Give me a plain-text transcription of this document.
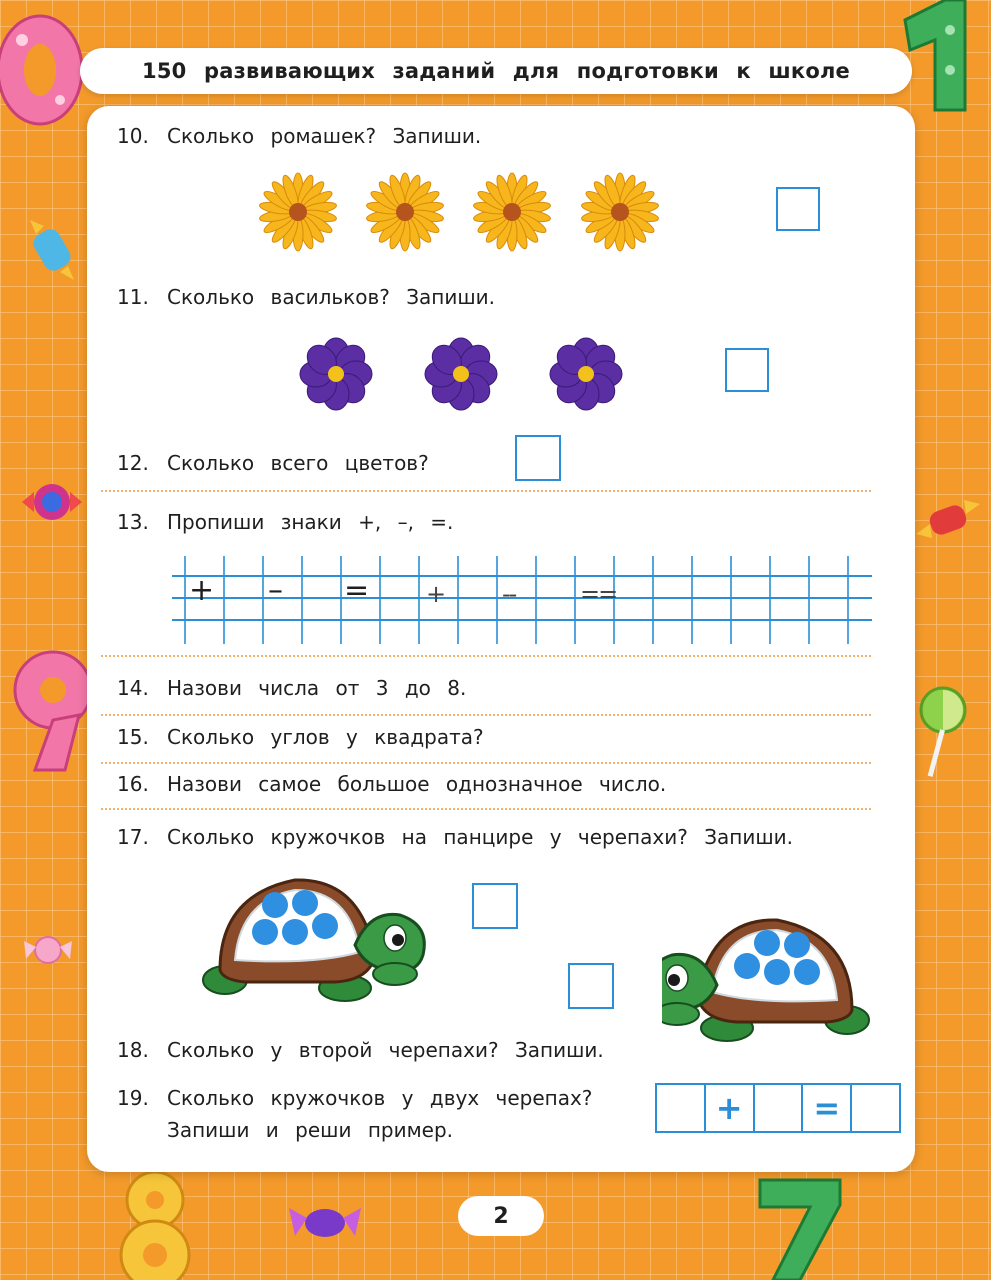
150 развивающих заданий для подготовки к школе
10. Сколько ромашек? Запиши.
11. Сколько васильков? Запиши.
12. Сколько всего цветов?
13. Пропиши знаки +, –, =.
+ – = + --	==
14. Назови числа от 3 до 8.
15. Сколько углов у квадрата?
16. Назови самое большое однозначное число.
17. Сколько кружочков на панцире у черепахи? Запиши.
18. Сколько у второй черепахи? Запиши.
19. Сколько кружочков у двух черепах?
Запиши и реши пример.
+	=
2
